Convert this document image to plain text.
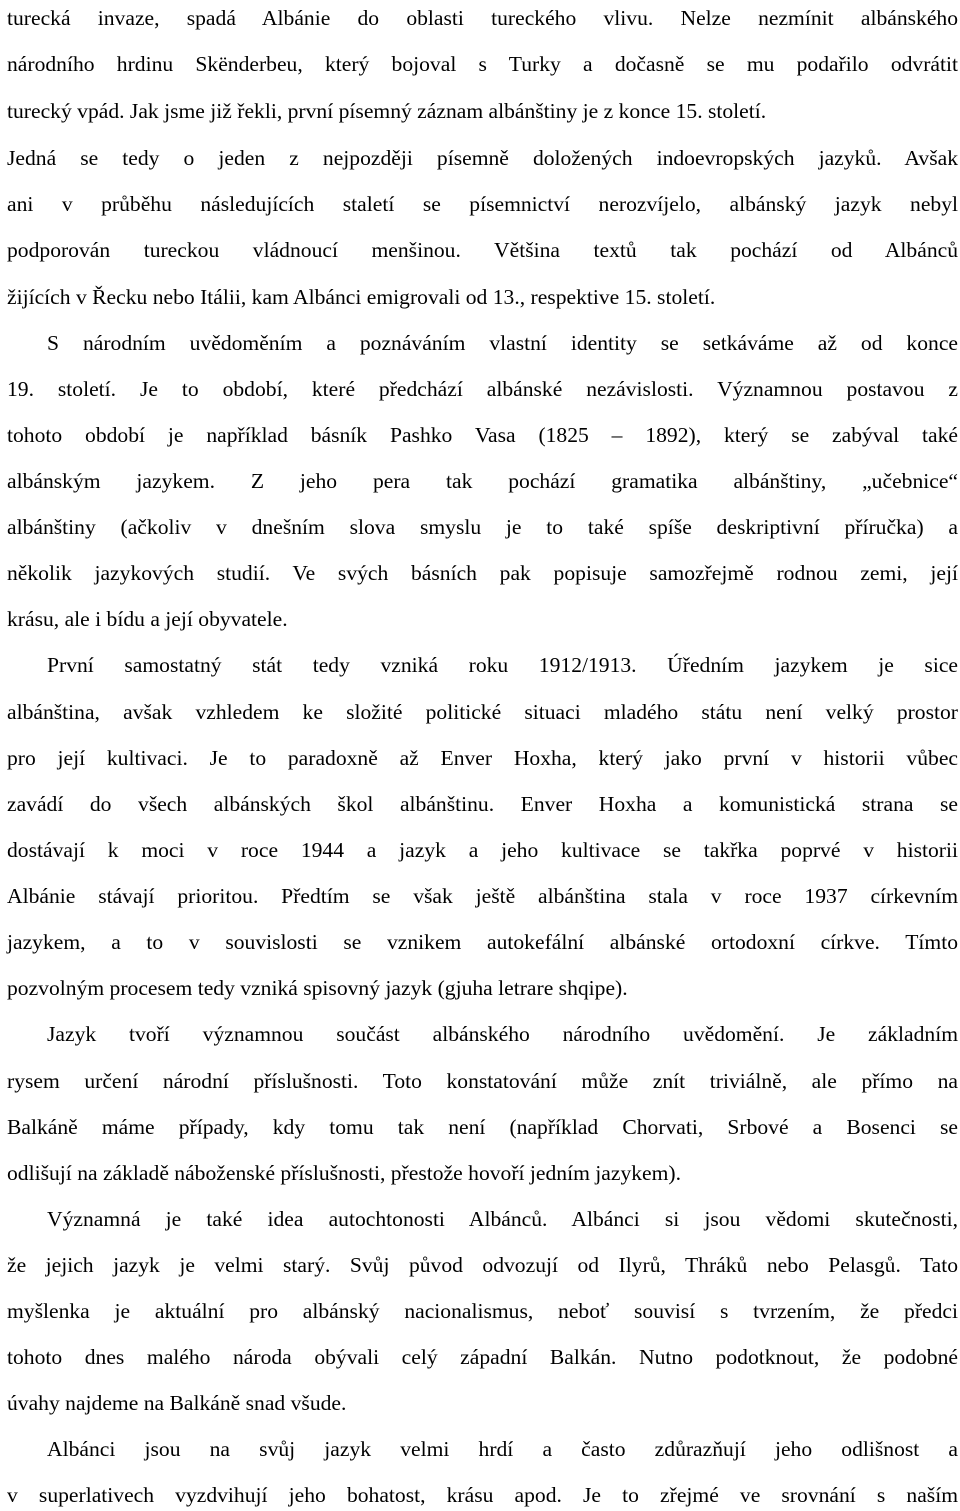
turecká invaze, spadá Albánie do oblasti tureckého vlivu. Nelze nezmínit albánského
národního hrdinu Skënderbeu, který bojoval s Turky a dočasně se mu podařilo odvrátit
turecký vpád. Jak jsme již řekli, první písemný záznam albánštiny je z konce 15. století.
Jedná se tedy o jeden z nejpozději písemně doložených indoevropských jazyků. Avšak
ani v průběhu následujících staletí se písemnictví nerozvíjelo, albánský jazyk nebyl
podporován tureckou vládnoucí menšinou. Většina textů tak pochází od Albánců
žijících v Řecku nebo Itálii, kam Albánci emigrovali od 13., respektive 15. století.
S národním uvědoměním a poznáváním vlastní identity se setkáváme až od konce
19. století. Je to období, které předchází albánské nezávislosti. Významnou postavou z
tohoto období je například básník Pashko Vasa (1825 – 1892), který se zabýval také
albánským jazykem. Z jeho pera tak pochází gramatika albánštiny, „učebnice“
albánštiny (ačkoliv v dnešním slova smyslu je to také spíše deskriptivní příručka) a
několik jazykových studií. Ve svých básních pak popisuje samozřejmě rodnou zemi, její
krásu, ale i bídu a její obyvatele.
První samostatný stát tedy vzniká roku 1912/1913. Úředním jazykem je sice
albánština, avšak vzhledem ke složité politické situaci mladého státu není velký prostor
pro její kultivaci. Je to paradoxně až Enver Hoxha, který jako první v historii vůbec
zavádí do všech albánských škol albánštinu. Enver Hoxha a komunistická strana se
dostávají k moci v roce 1944 a jazyk a jeho kultivace se takřka poprvé v historii
Albánie stávají prioritou. Předtím se však ještě albánština stala v roce 1937 církevním
jazykem, a to v souvislosti se vznikem autokefální albánské ortodoxní církve. Tímto
pozvolným procesem tedy vzniká spisovný jazyk (gjuha letrare shqipe).
Jazyk tvoří významnou součást albánského národního uvědomění. Je základním
rysem určení národní příslušnosti. Toto konstatování může znít triviálně, ale přímo na
Balkáně máme případy, kdy tomu tak není (například Chorvati, Srbové a Bosenci se
odlišují na základě náboženské příslušnosti, přestože hovoří jedním jazykem).
Významná je také idea autochtonosti Albánců. Albánci si jsou vědomi skutečnosti,
že jejich jazyk je velmi starý. Svůj původ odvozují od Ilyrů, Thráků nebo Pelasgů. Tato
myšlenka je aktuální pro albánský nacionalismus, neboť souvisí s tvrzením, že předci
tohoto dnes malého národa obývali celý západní Balkán. Nutno podotknout, že podobné
úvahy najdeme na Balkáně snad všude.
Albánci jsou na svůj jazyk velmi hrdí a často zdůrazňují jeho odlišnost a
v superlativech vyzdvihují jeho bohatost, krásu apod. Je to zřejmé ve srovnání s naším
